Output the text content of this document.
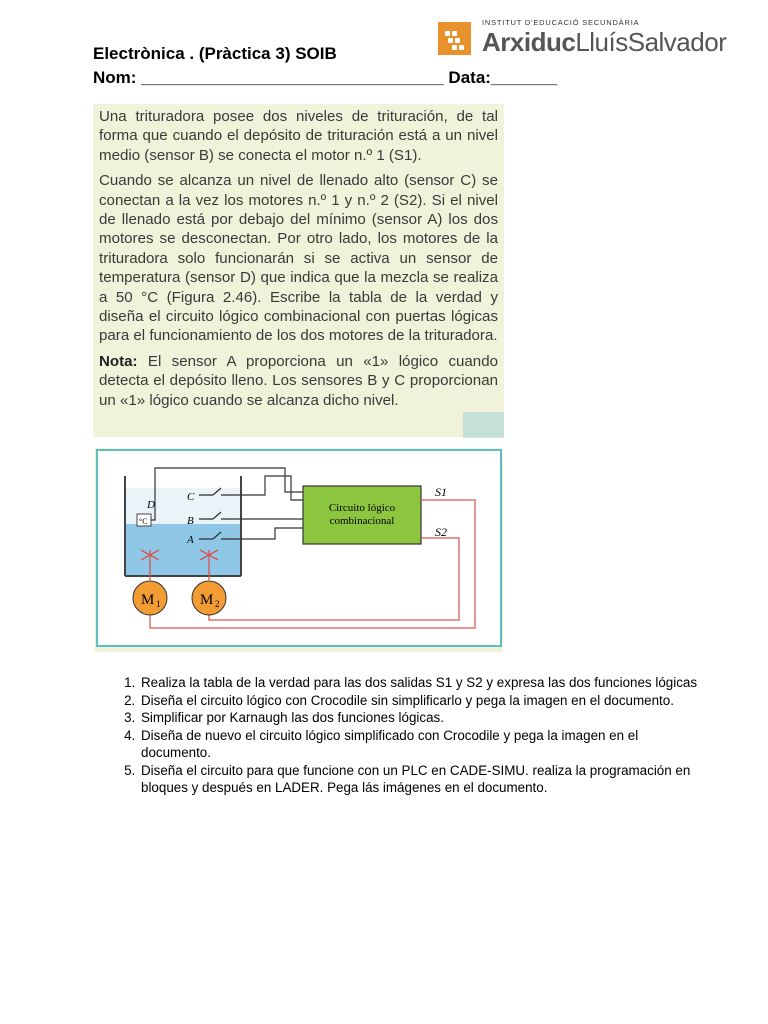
Electrònica . (Pràctica 3) SOIB
Nom: ________________________________ Data:_______
INSTITUT D'EDUCACIÓ SECUNDÀRIA
ArxiducLluísSalvador

Una trituradora posee dos niveles de trituración, de tal forma que cuando el depósito de trituración está a un nivel medio (sensor B) se conecta el motor n.º 1 (S1).

Cuando se alcanza un nivel de llenado alto (sensor C) se conectan a la vez los motores n.º 1 y n.º 2 (S2). Si el nivel de llenado está por debajo del mínimo (sensor A) los dos motores se desconectan. Por otro lado, los motores de la trituradora solo funcionarán si se activa un sensor de temperatura (sensor D) que indica que la mezcla se realiza a 50 °C (Figura 2.46). Escribe la tabla de la verdad y diseña el circuito lógico combinacional con puertas lógicas para el funcionamiento de los dos motores de la trituradora.

Nota: El sensor A proporciona un «1» lógico cuando detecta el depósito lleno. Los sensores B y C proporcionan un «1» lógico cuando se alcanza dicho nivel.

°C
D
C
B
A
Circuito lógico
combinacional
S1
S2
M 1	M 2
1. Realiza la tabla de la verdad para las dos salidas S1 y S2 y expresa las dos funciones lógicas
2. Diseña el circuito lógico con Crocodile sin simplificarlo y pega la imagen en el documento.
3. Simplificar por Karnaugh las dos funciones lógicas.
4. Diseña de nuevo el circuito lógico simplificado con Crocodile y pega la imagen en el documento.
5. Diseña el circuito para que funcione con un PLC en CADE-SIMU. realiza la programación en bloques y después en LADER. Pega lás imágenes en el documento.
